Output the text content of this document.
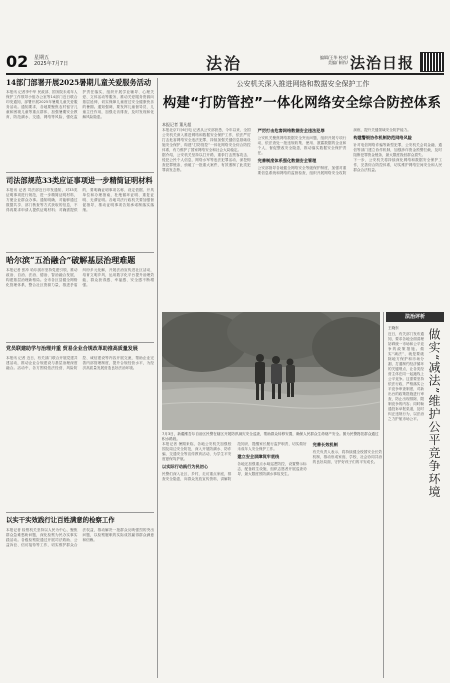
02 星期五
2025年7月7日	法治	编辑/王华 校对/
美编/ 制作/ 法治日报
14部门部署开展2025暑期儿童关爱服务活动

本报讯 记者李中华 民政部、国务院未成年人保护工作领导小组办公室等14部门近日联合印发通知，部署开展2025年暑期儿童关爱服务活动。通知要求，各地要聚焦农村留守儿童和困境儿童等重点群体，加强暑期安全教育，防范溺水、交通、网络等风险，强化监护责任落实，组织开展学业辅导、心理关爱、文体活动等服务，推动关爱服务资源向基层延伸，切实保障儿童度过安全健康快乐的暑期。通知强调，要发挥儿童督导员、儿童主任作用，加强走访排查，及时发现和化解风险隐患。

司法部规范33类应证事项进一步精简证明材料

本报讯 记者 司法部近日印发通知，对33类证明事项进行规范，进一步精简证明材料，方便企业群众办事。通知明确，对能够通过数据共享、部门核查等方式获取的信息，不得再要求申请人提供证明材料；对确需提供的，要明确证明事项名称、设定依据、开具单位和办理指南，杜绝循环证明、重复证明、无谓证明。各地司法行政机关要加强督促指导，推动证明事项告知承诺制落实落细。

哈尔滨“五治融合”破解基层治理难题

本报记者 张冲 哈尔滨市坚持党建引领，推动政治、自治、法治、德治、智治融合发展，构建基层治理新格局。全市各区县健全网格化管理体系，整合社区资源力量，推进矛盾纠纷多元化解，开展法治宣传进社区活动，培育文明乡风，运用数字化平台提升治理效能，群众获得感、幸福感、安全感不断增强。

党员联建助学与治理并重 贸易企业合规改革助推高质量发展

本报讯 记者 近日，有关部门联合开展党建共建活动，推动企业合规建设与基层治理深度融合。活动中，各方围绕依法经营、风险防控、诚信建设等内容开展交流，帮助企业完善内部管理制度，提升合规经营水平，为经济高质量发展营造良好法治环境。

以实干实效践行让百姓满意的检察工作

本报记者 检察机关坚持以人民为中心，聚焦群众急难愁盼问题，深化检察为民办实事实践活动。各级检察院通过开展司法救助、公益诉讼、信访接待等工作，切实维护群众合法权益，推动解决一批群众反映强烈的突出问题，以检察履职的实际成效赢得群众满意和信赖。

公安机关深入推进网络和数据安全保护工作
构建“打防管控”一体化网络安全综合防控体系
本报记者 董凡超

本报北京7月6日电 记者从公安部获悉，今年以来，全国公安机关深入推进网络和数据安全保护工作，依法严厉打击危害网络安全违法犯罪，持续加强关键信息基础设施安全保护，构建“打防管控”一体化网络安全综合防控体系，有力维护了国家网络安全和社会大局稳定。

据介绍，公安机关坚持以打开路，重拳打击黑客攻击、侵犯公民个人信息、网络水军等违法犯罪活动，深挖彻查犯罪链条，侦破了一批重大案件，有效遏制了此类犯罪高发态势。

严厉打击危害网络数据安全违法犯罪

公安机关聚焦网络数据安全突出问题，组织开展专项行动，依法查处一批违规收集、使用、泄露数据的企业和个人，督促整改安全隐患，推动落实数据安全保护责任。

完善制度体系强化数据安全管理

公安部指导各地健全网络安全等级保护制度，加强对重要信息系统和网络的监督检查，组织开展网络安全攻防演练，提升关键领域安全防护能力。

构建警银协作机制防范网络风险

针对电信网络诈骗等新型犯罪，公安机关会同金融、通信等部门建立协作机制，加强涉诈资金预警拦截，及时阻断犯罪资金链条，最大限度挽回群众损失。

下一步，公安机关将持续深化网络和数据安全保护工作，完善综合防控体系，切实维护网络空间安全和人民群众合法权益。

7月3日，新疆维吾尔自治区民警在辖区开展防汛减灾安全巡查，帮助群众转移安置，确保人民群众生命财产安全。图为民警搀扶群众通过积水路段。
法治评析
王晓东
近日，有关部门发布通知，要求各地全面清理妨碍统一市场和公平竞争的政策措施。做实“减法”，就是要破除地方保护和市场分割，打通制约经济循环的关键堵点，让各类经营主体在同一起跑线上公平竞争。这需要坚持依法行政，严格落实公平竞争审查制度，对新出台的政策措施进行审查，防止出现排除、限制竞争的内容；同时畅通投诉举报渠道，及时纠正违规行为，以法治之力护航市场公平。 做实“减法”维护公平竞争环境

本报记者 暑期来临，各地公安机关加强校园及周边安全防范，深入开展防溺水、防诈骗、交通安全等宣传教育活动，为学生平安度夏保驾护航。

以实际行动践行为民初心

民警们深入社区、乡村，走访重点家庭，排查安全隐患，向群众发放宣传资料，讲解防范知识，提醒家长履行监护职责，切实做好未成年人安全保护工作。

建立安全屏障筑牢底线

各地还加强重点水域巡逻防控，设置警示标志，配备救生设施，组织志愿者开展巡查劝导，最大限度预防溺水事故发生。

完善长效机制

有关负责人表示，将持续健全校园安全长效机制，推动形成家庭、学校、社会协同共治的良好局面，守护好孩子们的平安成长。
